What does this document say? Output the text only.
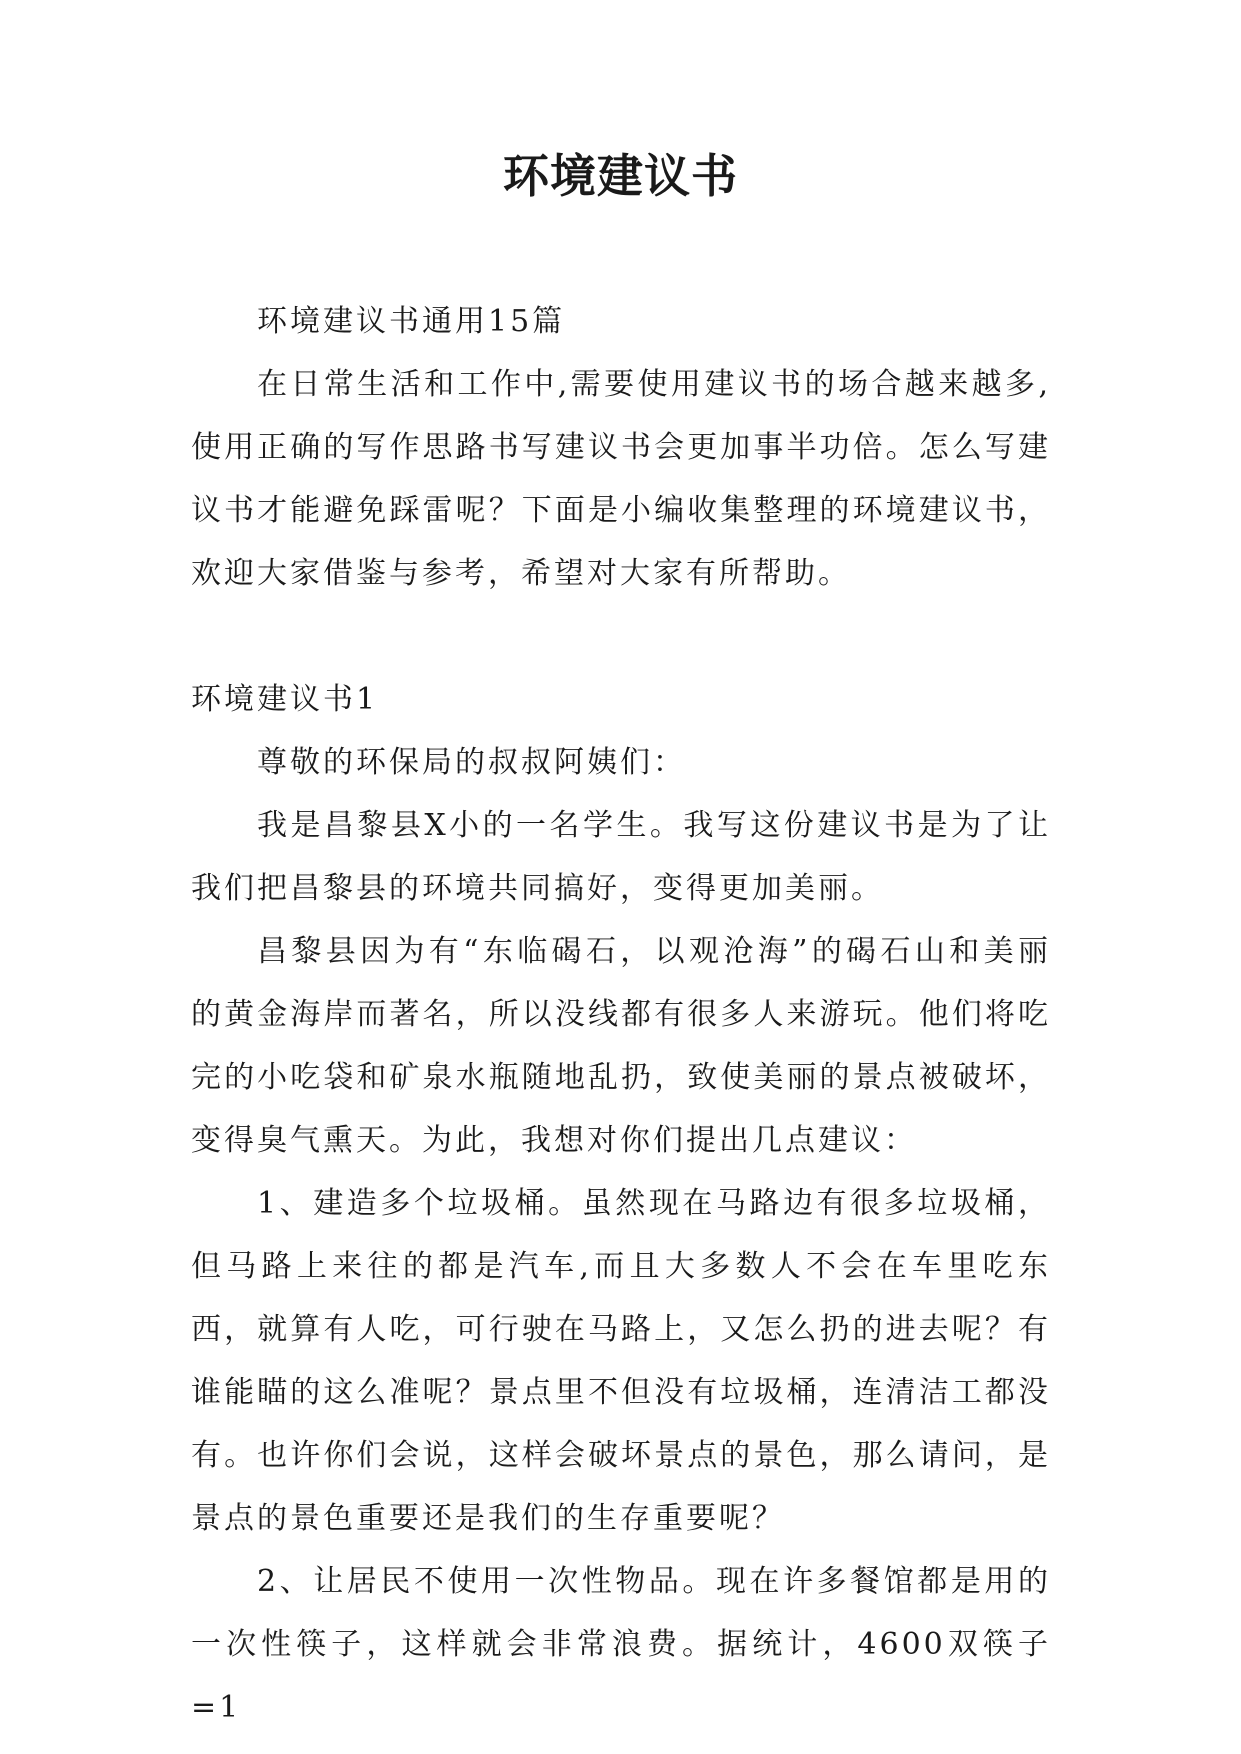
环境建议书

环境建议书通用15篇

在日常生活和工作中,需要使用建议书的场合越来越多,使用正确的写作思路书写建议书会更加事半功倍。怎么写建议书才能避免踩雷呢？下面是小编收集整理的环境建议书，欢迎大家借鉴与参考，希望对大家有所帮助。

环境建议书1

尊敬的环保局的叔叔阿姨们：

我是昌黎县X小的一名学生。我写这份建议书是为了让我们把昌黎县的环境共同搞好，变得更加美丽。

昌黎县因为有“东临碣石，以观沧海”的碣石山和美丽的黄金海岸而著名，所以没线都有很多人来游玩。他们将吃完的小吃袋和矿泉水瓶随地乱扔，致使美丽的景点被破坏，变得臭气熏天。为此，我想对你们提出几点建议：

1、建造多个垃圾桶。虽然现在马路边有很多垃圾桶，但马路上来往的都是汽车,而且大多数人不会在车里吃东西，就算有人吃，可行驶在马路上，又怎么扔的进去呢？有谁能瞄的这么准呢？景点里不但没有垃圾桶，连清洁工都没有。也许你们会说，这样会破坏景点的景色，那么请问，是景点的景色重要还是我们的生存重要呢？

2、让居民不使用一次性物品。现在许多餐馆都是用的一次性筷子，这样就会非常浪费。据统计，4600双筷子=1
